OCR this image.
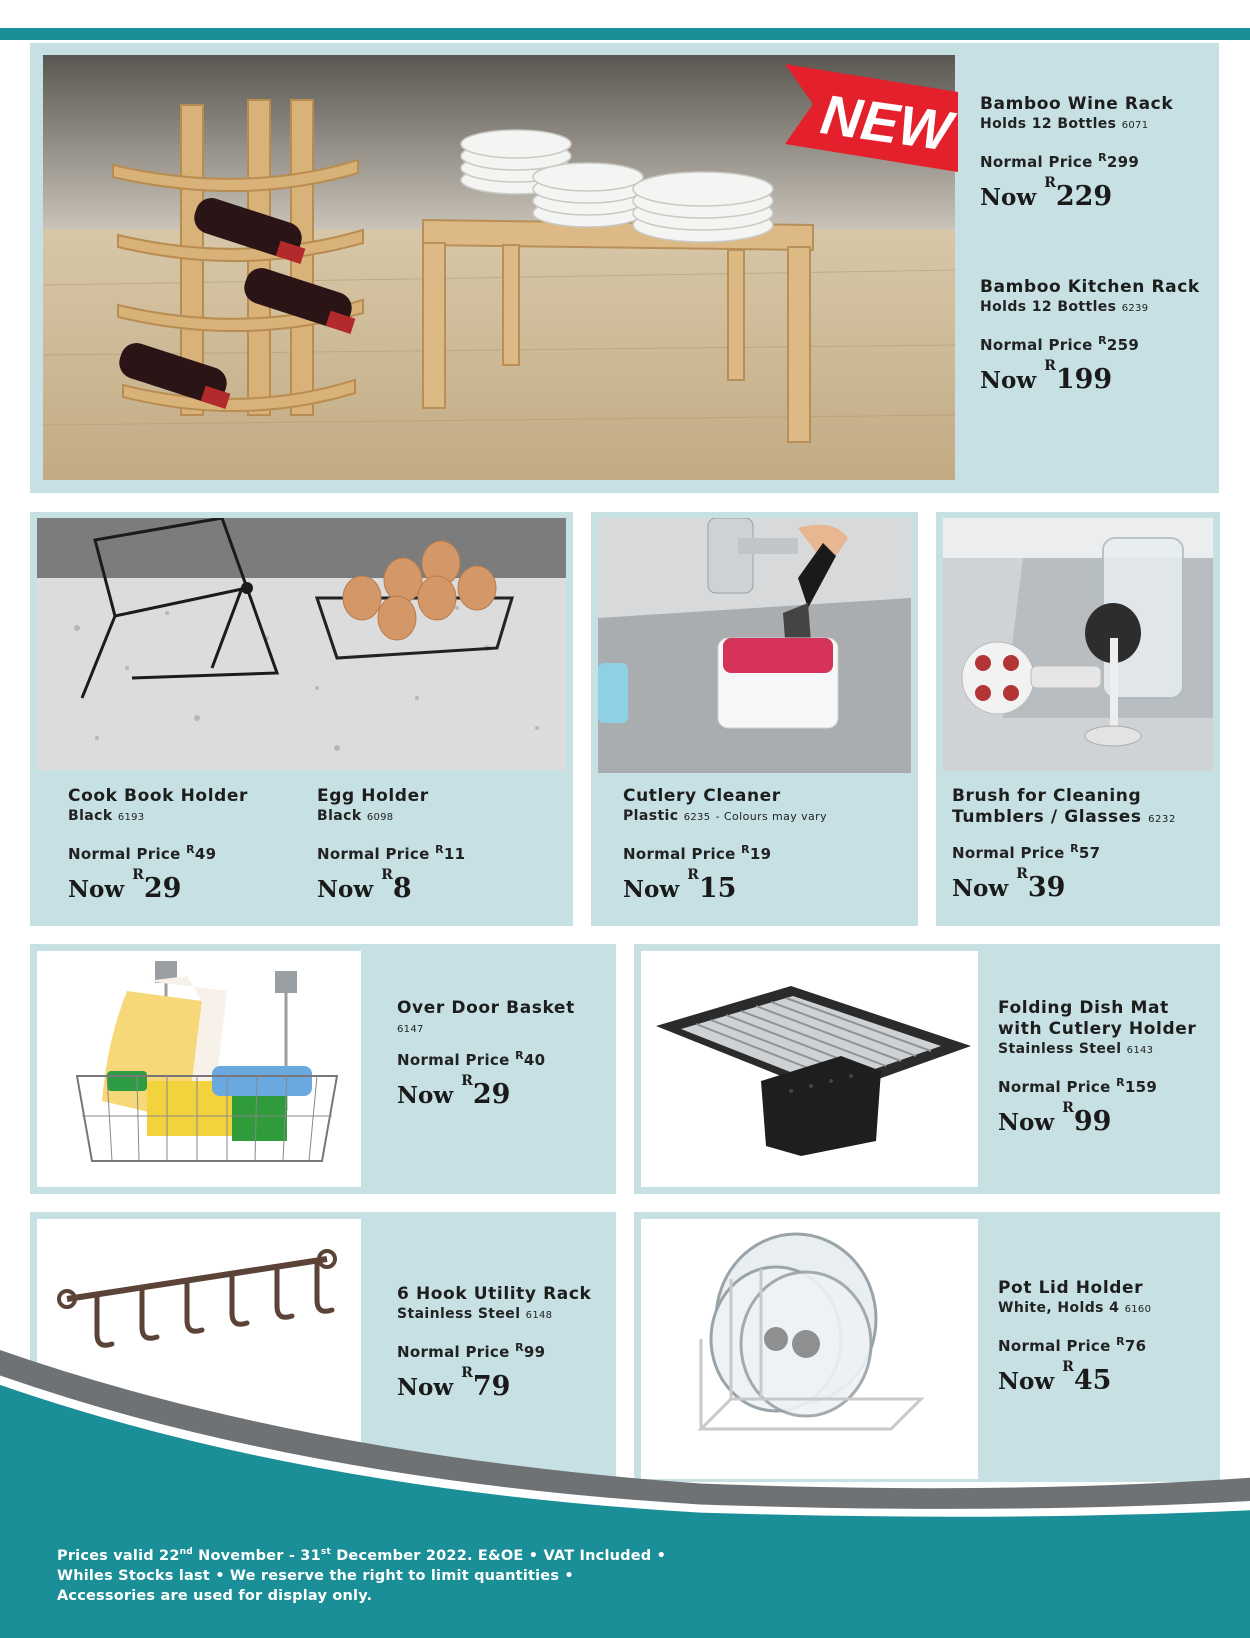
NEW Bamboo Wine Rack
Holds 12 Bottles 6071
Normal Price $^R$299
Now $^R$229
Bamboo Kitchen Rack
Holds 12 Bottles 6239
Normal Price $^R$259
Now $^R$199
Cook Book Holder
Black 6193
Normal Price $^R$49
Now $^R$29
Egg Holder
Black 6098
Normal Price $^R$11
Now $^R$8
Cutlery Cleaner
Plastic 6235 - Colours may vary
Normal Price $^R$19
Now $^R$15
Brush for Cleaning
Tumblers / Glasses 6232
Normal Price $^R$57
Now $^R$39
Over Door Basket
6147
Normal Price $^R$40
Now $^R$29
Folding Dish Mat
with Cutlery Holder
Stainless Steel 6143
Normal Price $^R$159
Now $^R$99
6 Hook Utility Rack
Stainless Steel 6148
Normal Price $^R$99
Now $^R$79
Pot Lid Holder
White, Holds 4 6160
Normal Price $^R$76
Now $^R$45
Prices valid 22nd November - 31st December 2022. E&OE • VAT Included •
Whiles Stocks last • We reserve the right to limit quantities •
Accessories are used for display only.
